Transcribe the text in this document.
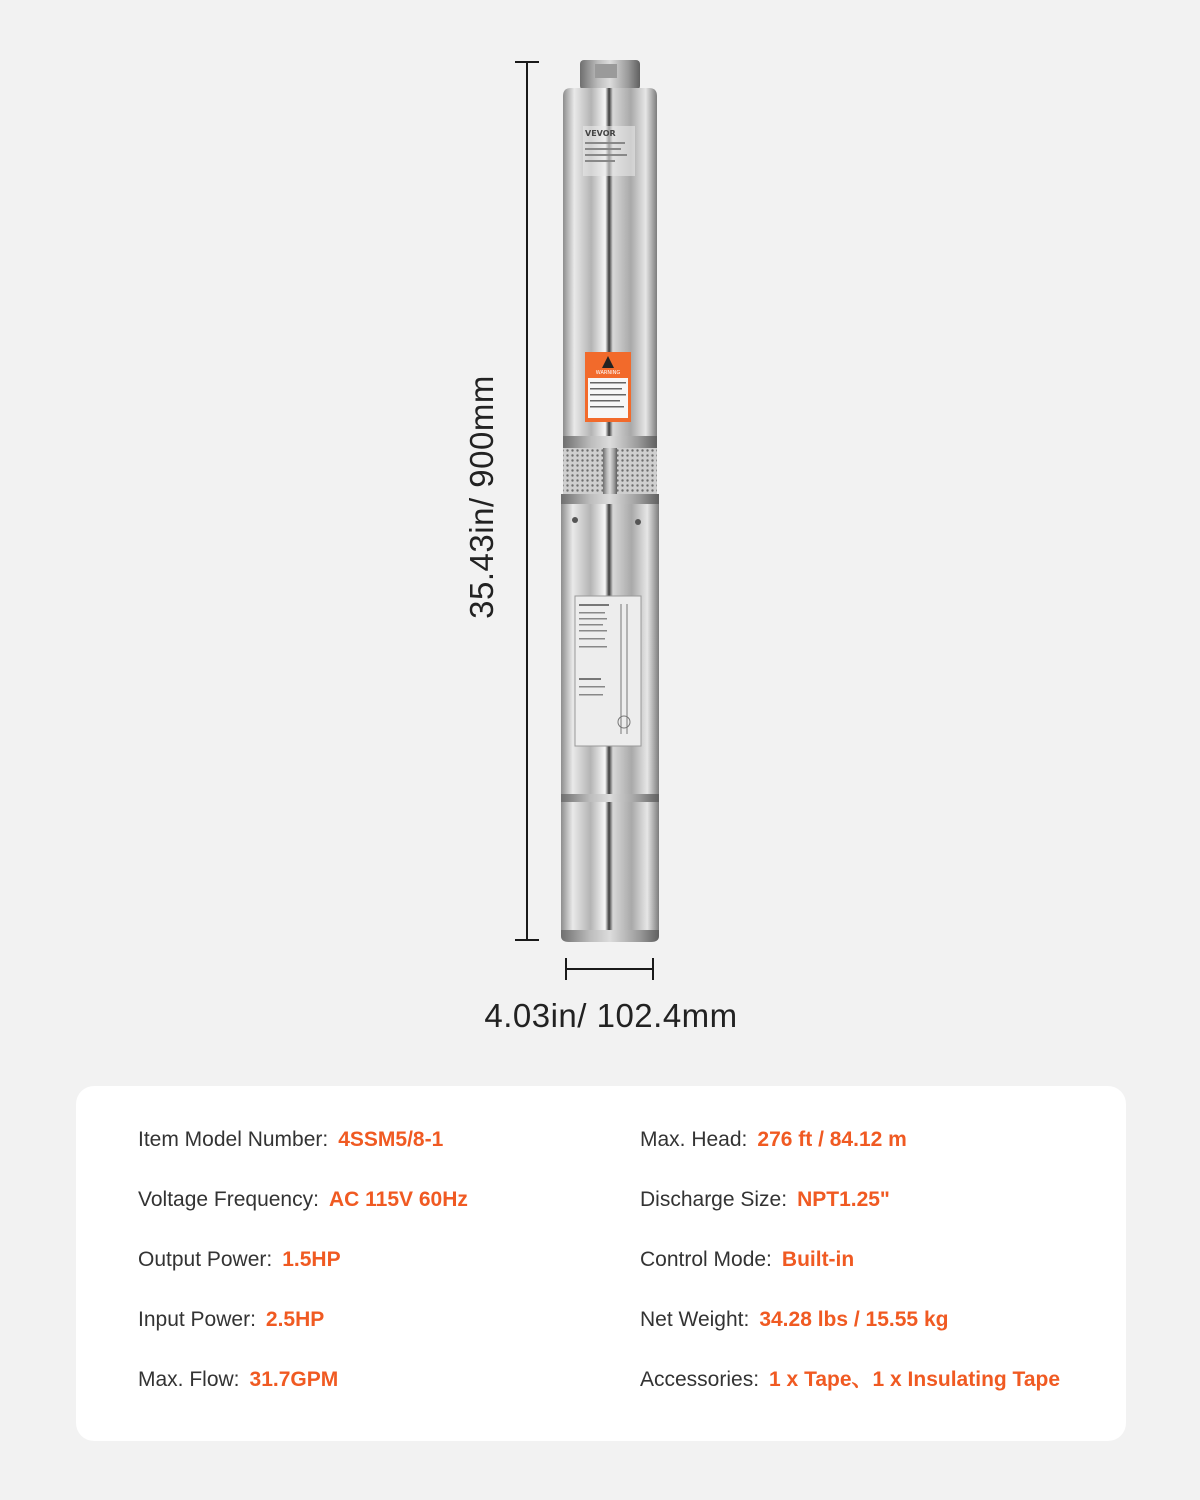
35.43in/ 900mm
VEVOR
WARNING
4.03in/ 102.4mm
Item Model Number: 4SSM5/8-1
Voltage Frequency: AC 115V 60Hz
Output Power: 1.5HP
Input Power: 2.5HP
Max. Flow: 31.7GPM
Max. Head: 276 ft / 84.12 m
Discharge Size: NPT1.25"
Control Mode: Built-in
Net Weight: 34.28 lbs / 15.55 kg
Accessories: 1 x Tape、1 x Insulating Tape
